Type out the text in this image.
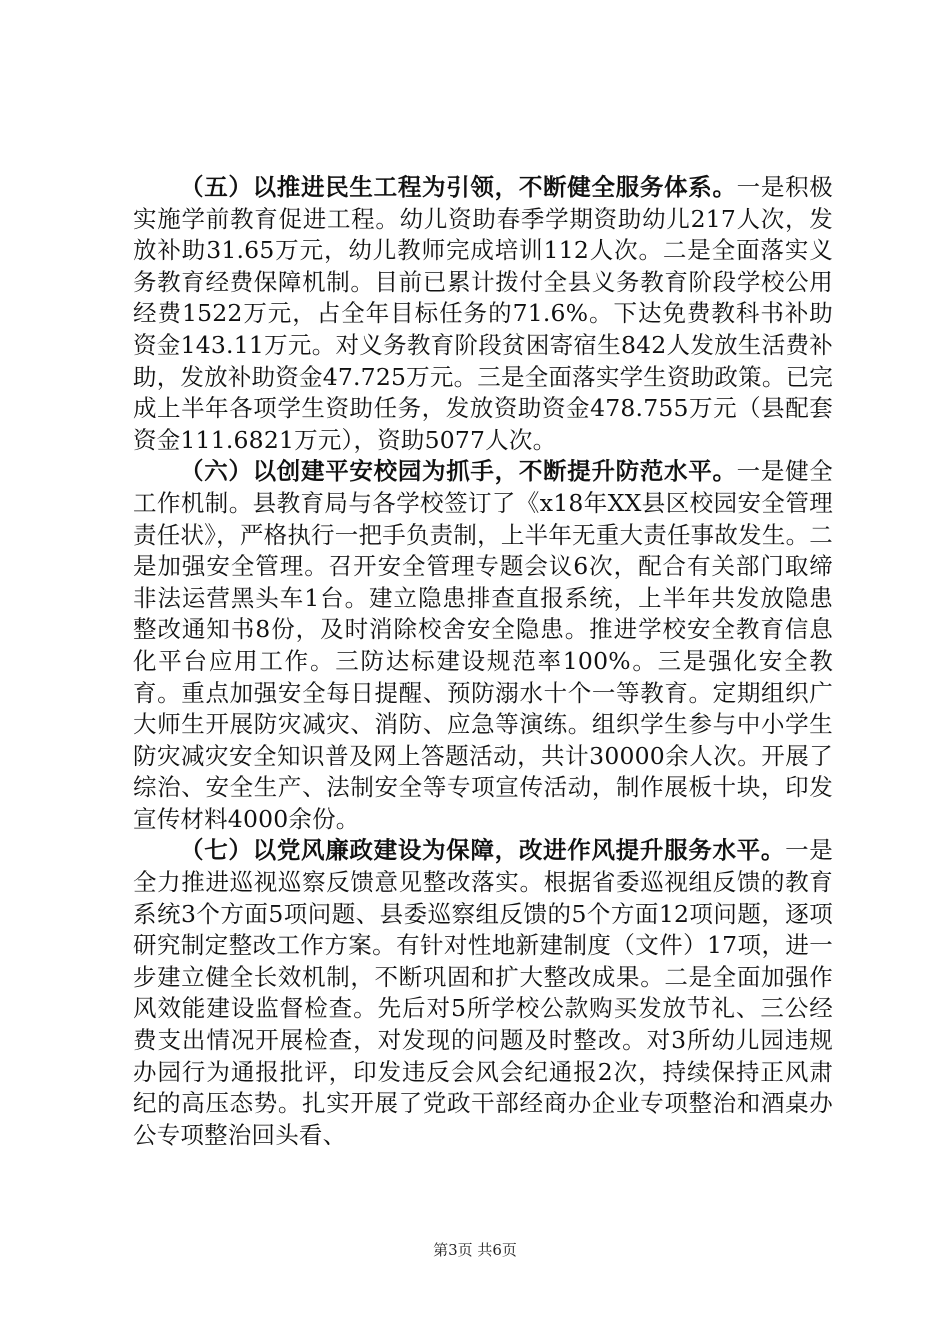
（五）以推进民生工程为引领，不断健全服务体系。一是积极实施学前教育促进工程。幼儿资助春季学期资助幼儿217人次，发放补助31.65万元，幼儿教师完成培训112人次。二是全面落实义务教育经费保障机制。目前已累计拨付全县义务教育阶段学校公用经费1522万元，占全年目标任务的71.6%。下达免费教科书补助资金143.11万元。对义务教育阶段贫困寄宿生842人发放生活费补助，发放补助资金47.725万元。三是全面落实学生资助政策。已完成上半年各项学生资助任务，发放资助资金478.755万元（县配套资金111.6821万元），资助5077人次。

（六）以创建平安校园为抓手，不断提升防范水平。一是健全工作机制。县教育局与各学校签订了《x18年XX县区校园安全管理责任状》，严格执行一把手负责制，上半年无重大责任事故发生。二是加强安全管理。召开安全管理专题会议6次，配合有关部门取缔非法运营黑头车1台。建立隐患排查直报系统，上半年共发放隐患整改通知书8份，及时消除校舍安全隐患。推进学校安全教育信息化平台应用工作。三防达标建设规范率100%。三是强化安全教育。重点加强安全每日提醒、预防溺水十个一等教育。定期组织广大师生开展防灾减灾、消防、应急等演练。组织学生参与中小学生防灾减灾安全知识普及网上答题活动，共计30000余人次。开展了综治、安全生产、法制安全等专项宣传活动，制作展板十块，印发宣传材料4000余份。

（七）以党风廉政建设为保障，改进作风提升服务水平。一是全力推进巡视巡察反馈意见整改落实。根据省委巡视组反馈的教育系统3个方面5项问题、县委巡察组反馈的5个方面12项问题，逐项研究制定整改工作方案。有针对性地新建制度（文件）17项，进一步建立健全长效机制，不断巩固和扩大整改成果。二是全面加强作风效能建设监督检查。先后对5所学校公款购买发放节礼、三公经费支出情况开展检查，对发现的问题及时整改。对3所幼儿园违规办园行为通报批评，印发违反会风会纪通报2次，持续保持正风肃纪的高压态势。扎实开展了党政干部经商办企业专项整治和酒桌办公专项整治回头看、

第3页 共6页
